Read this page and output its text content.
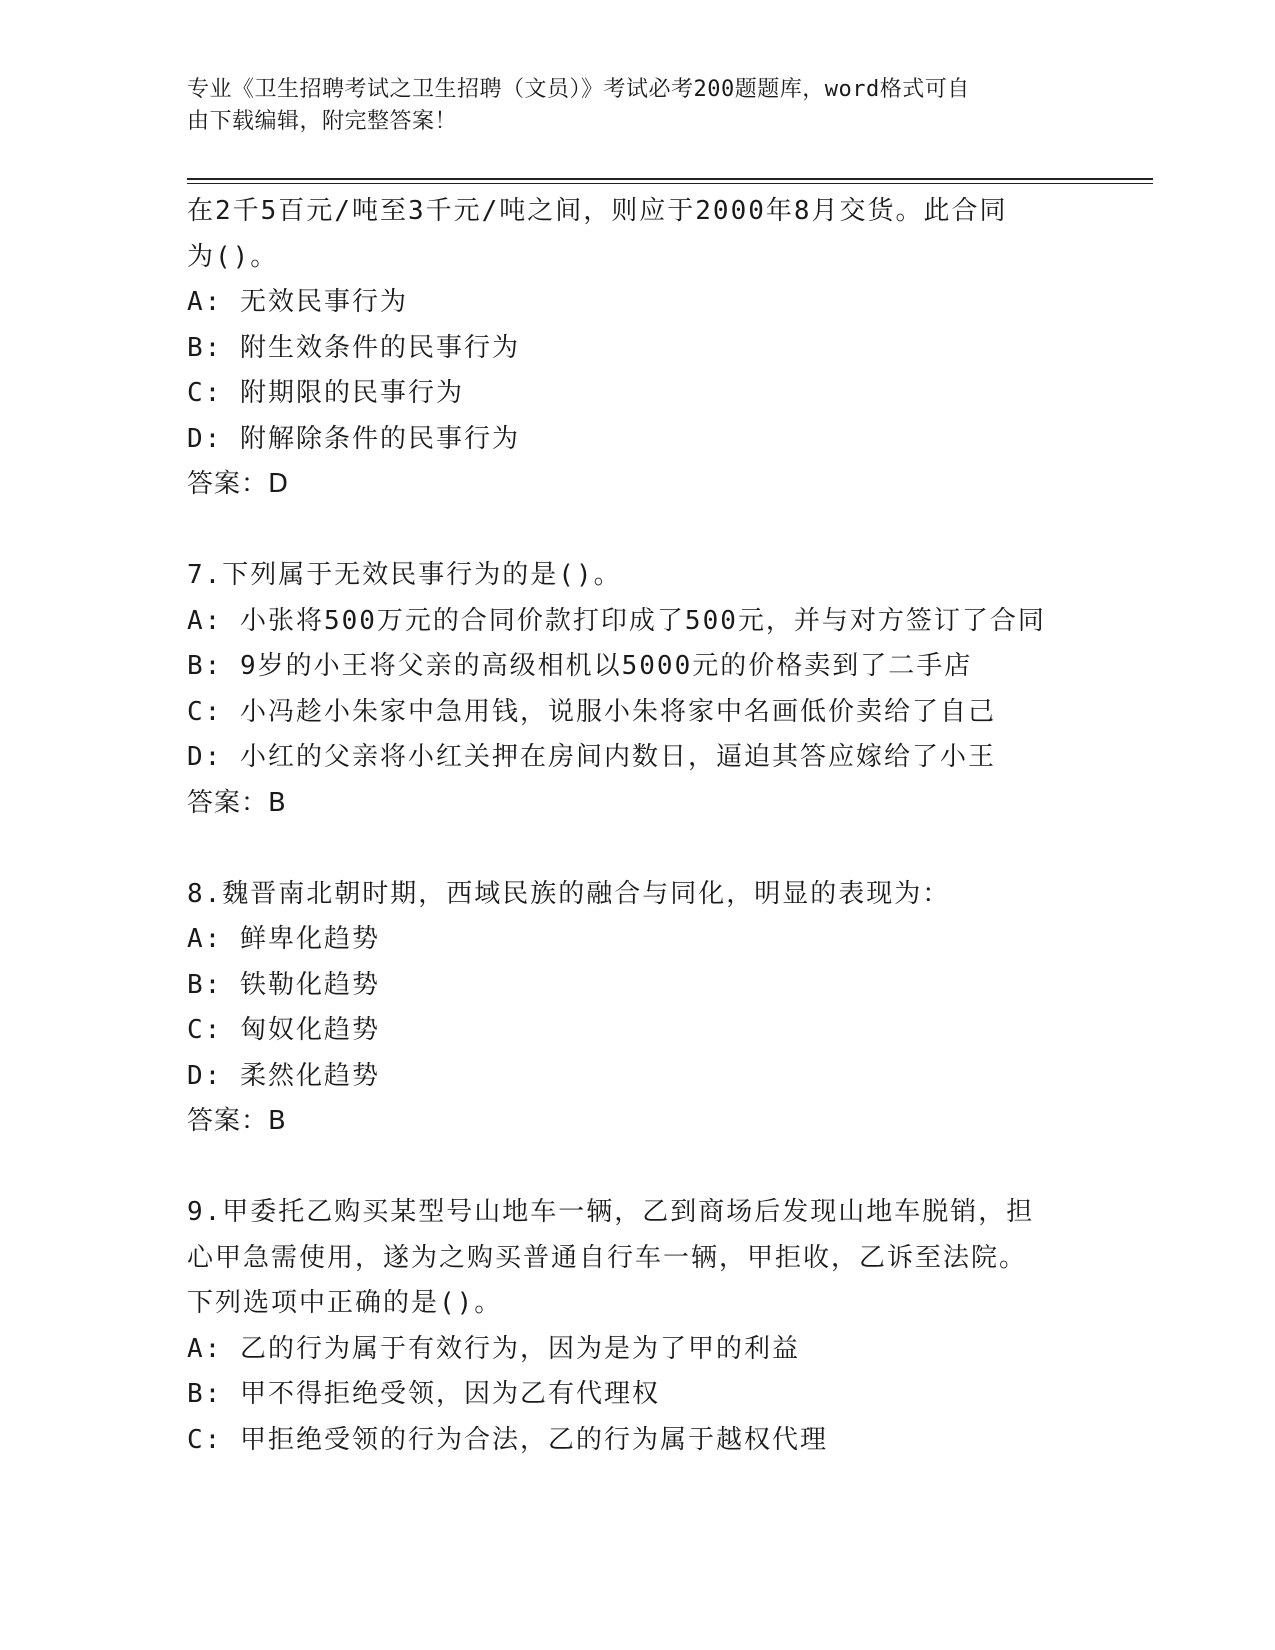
专业《卫生招聘考试之卫生招聘（文员）》考试必考200题题库，word格式可自
由下载编辑，附完整答案！
在2千5百元/吨至3千元/吨之间，则应于2000年8月交货。此合同
为()。
A: 无效民事行为
B: 附生效条件的民事行为
C: 附期限的民事行为
D: 附解除条件的民事行为
答案：D
7.下列属于无效民事行为的是()。
A: 小张将500万元的合同价款打印成了500元，并与对方签订了合同
B: 9岁的小王将父亲的高级相机以5000元的价格卖到了二手店
C: 小冯趁小朱家中急用钱，说服小朱将家中名画低价卖给了自己
D: 小红的父亲将小红关押在房间内数日，逼迫其答应嫁给了小王
答案：B
8.魏晋南北朝时期，西域民族的融合与同化，明显的表现为：
A: 鲜卑化趋势
B: 铁勒化趋势
C: 匈奴化趋势
D: 柔然化趋势
答案：B
9.甲委托乙购买某型号山地车一辆，乙到商场后发现山地车脱销，担
心甲急需使用，遂为之购买普通自行车一辆，甲拒收，乙诉至法院。
下列选项中正确的是()。
A: 乙的行为属于有效行为，因为是为了甲的利益
B: 甲不得拒绝受领，因为乙有代理权
C: 甲拒绝受领的行为合法，乙的行为属于越权代理
